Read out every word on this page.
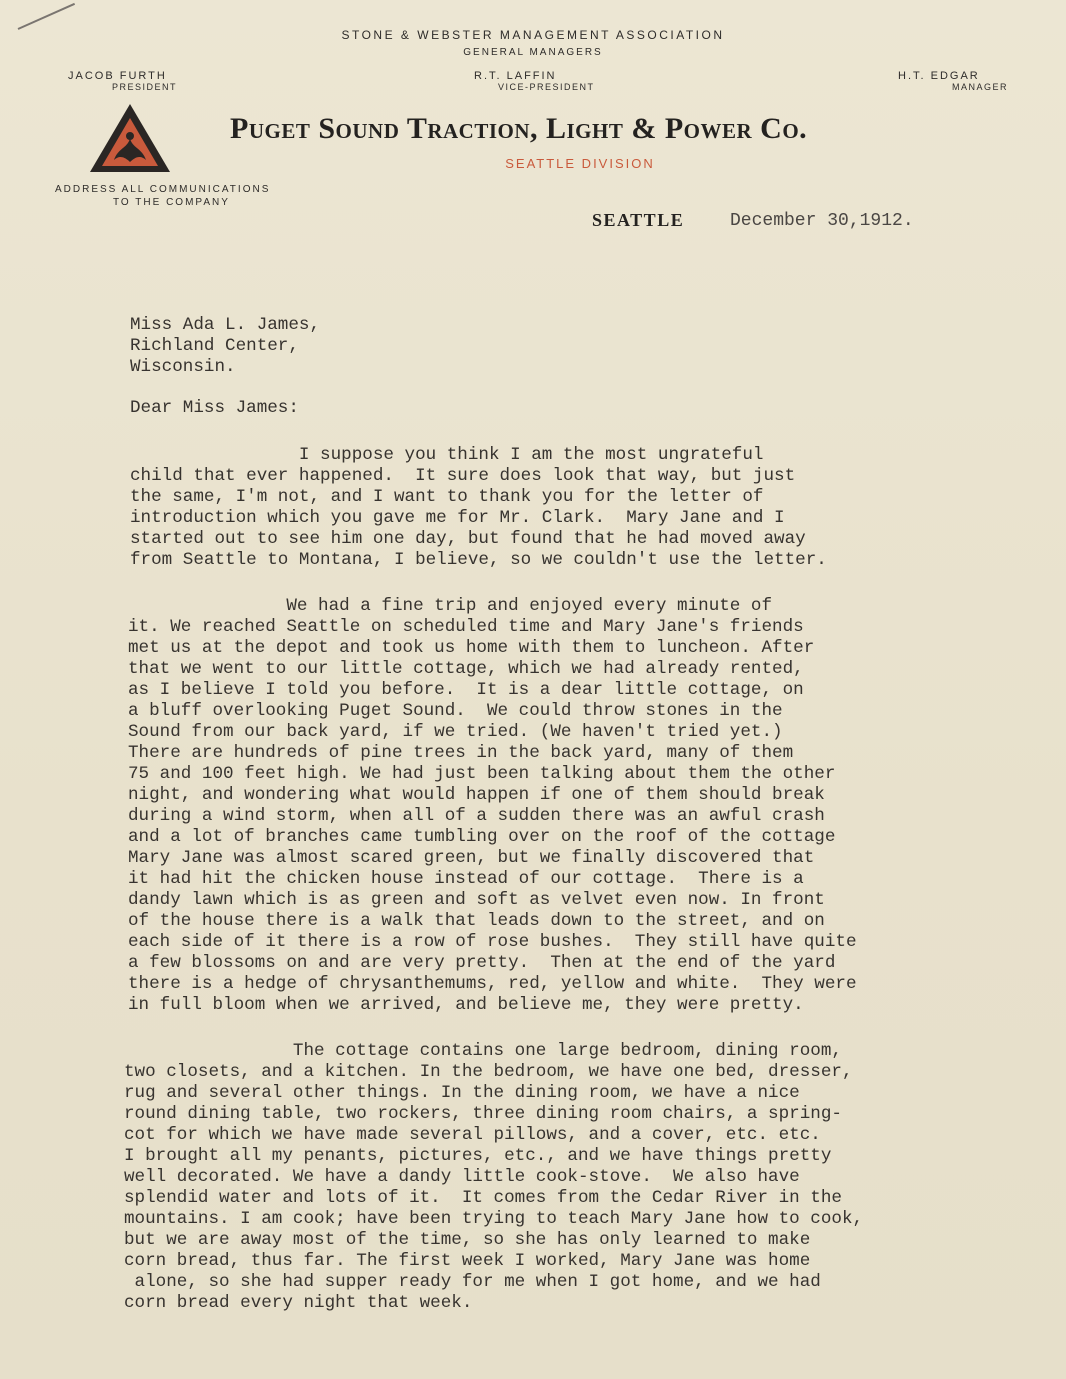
STONE & WEBSTER MANAGEMENT ASSOCIATION
GENERAL MANAGERS
JACOB FURTH
PRESIDENT
R.T. LAFFIN
VICE-PRESIDENT
H.T. EDGAR
MANAGER
Puget Sound Traction, Light & Power Co.
SEATTLE DIVISION
ADDRESS ALL COMMUNICATIONS
TO THE COMPANY
SEATTLE	December 30,1912.
Miss Ada L. James,
Richland Center,
Wisconsin.
Dear Miss James:
I suppose you think I am the most ungrateful
child that ever happened.  It sure does look that way, but just
the same, I'm not, and I want to thank you for the letter of
introduction which you gave me for Mr. Clark.  Mary Jane and I
started out to see him one day, but found that he had moved away
from Seattle to Montana, I believe, so we couldn't use the letter.
We had a fine trip and enjoyed every minute of
it. We reached Seattle on scheduled time and Mary Jane's friends
met us at the depot and took us home with them to luncheon. After
that we went to our little cottage, which we had already rented,
as I believe I told you before.  It is a dear little cottage, on
a bluff overlooking Puget Sound.  We could throw stones in the
Sound from our back yard, if we tried. (We haven't tried yet.)
There are hundreds of pine trees in the back yard, many of them
75 and 100 feet high. We had just been talking about them the other
night, and wondering what would happen if one of them should break
during a wind storm, when all of a sudden there was an awful crash
and a lot of branches came tumbling over on the roof of the cottage
Mary Jane was almost scared green, but we finally discovered that
it had hit the chicken house instead of our cottage.  There is a
dandy lawn which is as green and soft as velvet even now. In front
of the house there is a walk that leads down to the street, and on
each side of it there is a row of rose bushes.  They still have quite
a few blossoms on and are very pretty.  Then at the end of the yard
there is a hedge of chrysanthemums, red, yellow and white.  They were
in full bloom when we arrived, and believe me, they were pretty.
The cottage contains one large bedroom, dining room,
two closets, and a kitchen. In the bedroom, we have one bed, dresser,
rug and several other things. In the dining room, we have a nice
round dining table, two rockers, three dining room chairs, a spring-
cot for which we have made several pillows, and a cover, etc. etc.
I brought all my penants, pictures, etc., and we have things pretty
well decorated. We have a dandy little cook-stove.  We also have
splendid water and lots of it.  It comes from the Cedar River in the
mountains. I am cook; have been trying to teach Mary Jane how to cook,
but we are away most of the time, so she has only learned to make
corn bread, thus far. The first week I worked, Mary Jane was home
alone, so she had supper ready for me when I got home, and we had
corn bread every night that week.
